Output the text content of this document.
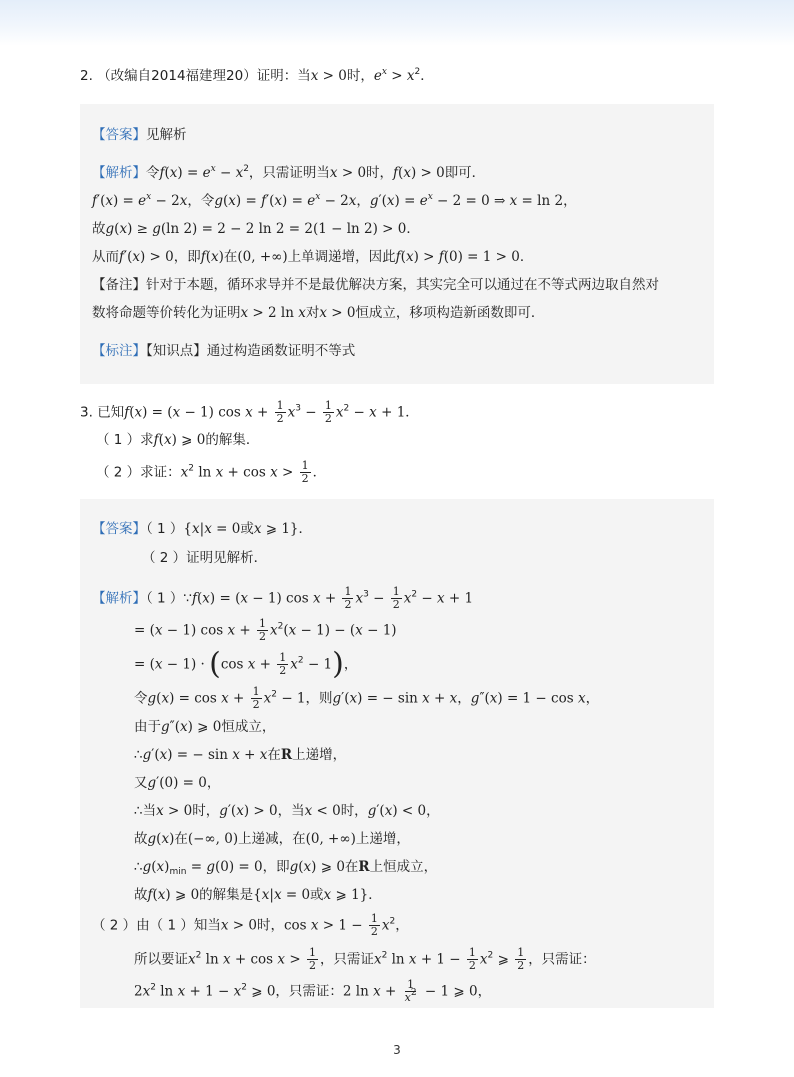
2. （改编自2014福建理20）证明：当x > 0时，$e^x > x^2$．
【答案】见解析
【解析】令$f(x) = e^x - x^2$，只需证明当x > 0时，f(x) > 0即可．
$f'(x) = e^x - 2x$，令$g(x) = f'(x) = e^x - 2x$，$g'(x) = e^x - 2 = 0$ ⇒ x = ln 2，
故g(x) ≥ g(ln 2) = 2 − 2 ln 2 = 2(1 − ln 2) > 0．
从而f′(x) > 0，即f(x)在(0, +∞)上单调递增，因此f(x) > f(0) = 1 > 0．
【备注】针对于本题，循环求导并不是最优解决方案，其实完全可以通过在不等式两边取自然对
数将命题等价转化为证明x > 2 ln x对x > 0恒成立，移项构造新函数即可．
【标注】【知识点】通过构造函数证明不等式
3. 已知f(x) = (x − 1) $\cos x + \frac{1}{2} x^3 - \frac{1}{2} x^2 - x + 1$．
（ 1 ）求f(x) ⩾ 0的解集．
（ 2 ）求证：$x^2$ $\ln x + \cos x > \frac{1}{2}$ ．
【答案】（ 1 ）{x|x = 0或x ⩾ 1}．
（ 2 ）证明见解析．
【解析】（ 1 ）∵f(x) = (x − 1) $\cos x + \frac{1}{2} x^3 - \frac{1}{2} x^2 - x + 1$
= (x − 1) $\cos x + \frac{1}{2} x^2(x - 1) - (x - 1)$
= (x − 1) · (cos $x + \frac{1}{2} x^2 - 1$)，
令$g(x) = \cos x + \frac{1}{2} x^2 - 1$，则g′(x) = − sin x + x，g″(x) = 1 − cos x，
由于g″(x) ⩾ 0恒成立，
∴g′(x) = − sin x + x在R上递增，
又g′(0) = 0，
∴当x > 0时，g′(x) > 0，当x < 0时，g′(x) < 0，
故g(x)在(−∞, 0)上递减，在(0, +∞)上递增，
$\therefore g(x)_{min} = g(0) = 0$，即g(x) ⩾ 0在R上恒成立，
故f(x) ⩾ 0的解集是{x|x = 0或x ⩾ 1}．
（ 2 ）由（ 1 ）知当x > 0时，$\cos x > 1 - \frac{1}{2} x^2$，
所以要证$x^2$ $\ln x + \cos x > \frac{1}{2}$ ，只需证$x^2$ $\ln x + 1 - \frac{1}{2} x^2$ ⩾ $\frac{1}{2}$ ，只需证：
$2x^2$ $\ln x + 1 - x^2$ ⩾ 0，只需证：2 $\ln x + \frac{1}{x^2} - 1$ ⩾ 0，
3
